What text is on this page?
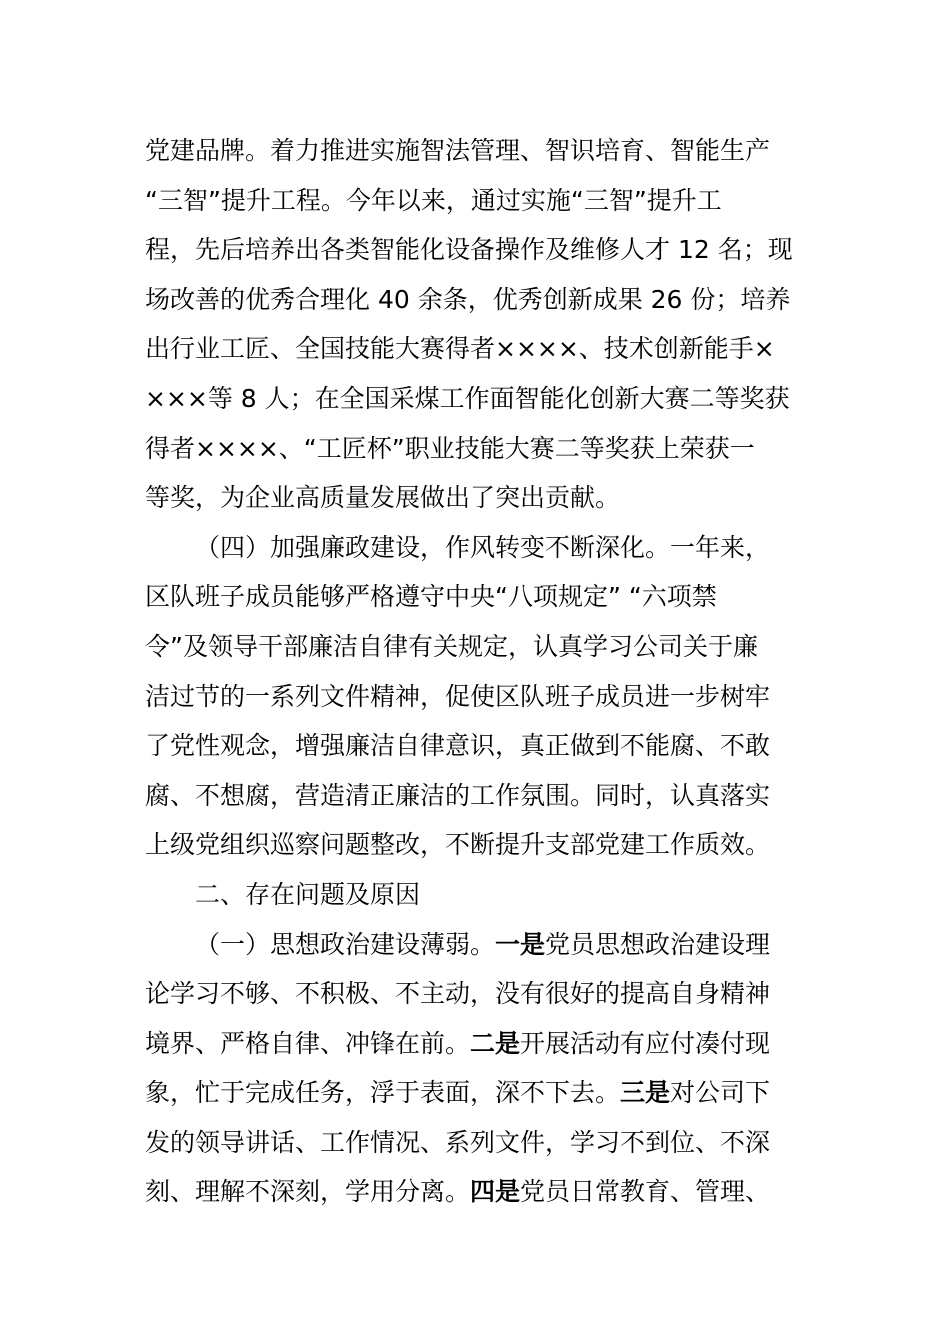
党建品牌。着力推进实施智法管理、智识培育、智能生产
“三智”提升工程。今年以来，通过实施“三智”提升工
程，先后培养出各类智能化设备操作及维修人才 12 名；现
场改善的优秀合理化 40 余条，优秀创新成果 26 份；培养
出行业工匠、全国技能大赛得者××××、技术创新能手×
×××等 8 人；在全国采煤工作面智能化创新大赛二等奖获
得者××××、“工匠杯”职业技能大赛二等奖获上荣获一
等奖，为企业高质量发展做出了突出贡献。
（四）加强廉政建设，作风转变不断深化。一年来，
区队班子成员能够严格遵守中央“八项规定” “六项禁
令”及领导干部廉洁自律有关规定，认真学习公司关于廉
洁过节的一系列文件精神，促使区队班子成员进一步树牢
了党性观念，增强廉洁自律意识，真正做到不能腐、不敢
腐、不想腐，营造清正廉洁的工作氛围。同时，认真落实
上级党组织巡察问题整改，不断提升支部党建工作质效。
二、存在问题及原因
（一）思想政治建设薄弱。一是党员思想政治建设理
论学习不够、不积极、不主动，没有很好的提高自身精神
境界、严格自律、冲锋在前。二是开展活动有应付凑付现
象，忙于完成任务，浮于表面，深不下去。三是对公司下
发的领导讲话、工作情况、系列文件，学习不到位、不深
刻、理解不深刻，学用分离。四是党员日常教育、管理、
